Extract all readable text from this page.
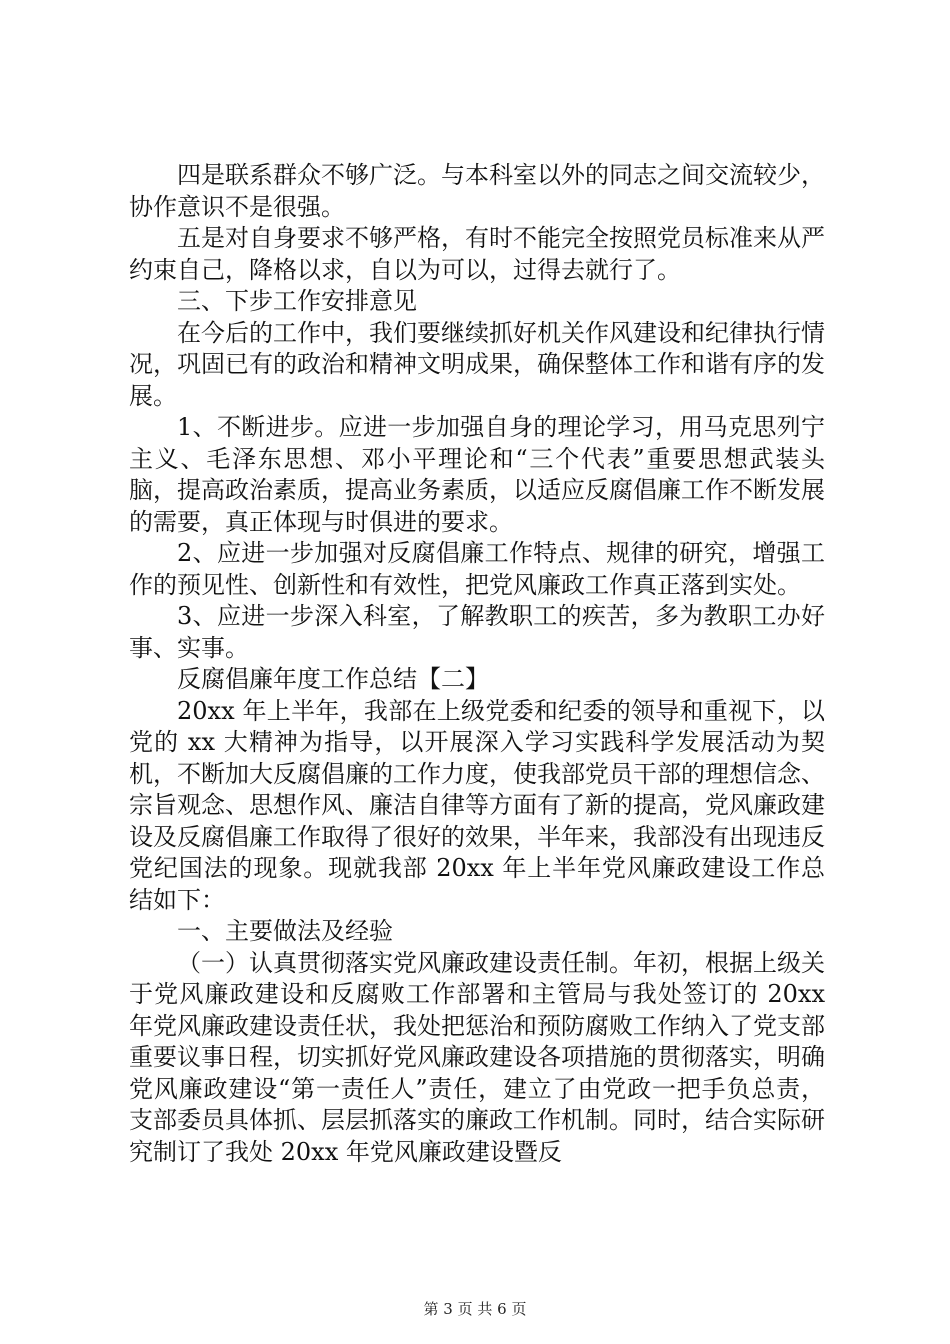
四是联系群众不够广泛。与本科室以外的同志之间交流较少，协作意识不是很强。

五是对自身要求不够严格，有时不能完全按照党员标准来从严约束自己，降格以求，自以为可以，过得去就行了。

三、下步工作安排意见

在今后的工作中，我们要继续抓好机关作风建设和纪律执行情况，巩固已有的政治和精神文明成果，确保整体工作和谐有序的发展。

1、不断进步。应进一步加强自身的理论学习，用马克思列宁主义、毛泽东思想、邓小平理论和“三个代表”重要思想武装头脑，提高政治素质，提高业务素质，以适应反腐倡廉工作不断发展的需要，真正体现与时俱进的要求。

2、应进一步加强对反腐倡廉工作特点、规律的研究，增强工作的预见性、创新性和有效性，把党风廉政工作真正落到实处。

3、应进一步深入科室，了解教职工的疾苦，多为教职工办好事、实事。

反腐倡廉年度工作总结【二】

20xx 年上半年，我部在上级党委和纪委的领导和重视下，以党的 xx 大精神为指导，以开展深入学习实践科学发展活动为契机，不断加大反腐倡廉的工作力度，使我部党员干部的理想信念、宗旨观念、思想作风、廉洁自律等方面有了新的提高，党风廉政建设及反腐倡廉工作取得了很好的效果，半年来，我部没有出现违反党纪国法的现象。现就我部 20xx 年上半年党风廉政建设工作总结如下：

一、主要做法及经验

（一）认真贯彻落实党风廉政建设责任制。年初，根据上级关于党风廉政建设和反腐败工作部署和主管局与我处签订的 20xx 年党风廉政建设责任状，我处把惩治和预防腐败工作纳入了党支部重要议事日程，切实抓好党风廉政建设各项措施的贯彻落实，明确党风廉政建设“第一责任人”责任，建立了由党政一把手负总责，支部委员具体抓、层层抓落实的廉政工作机制。同时，结合实际研究制订了我处 20xx 年党风廉政建设暨反

第 3 页 共 6 页
